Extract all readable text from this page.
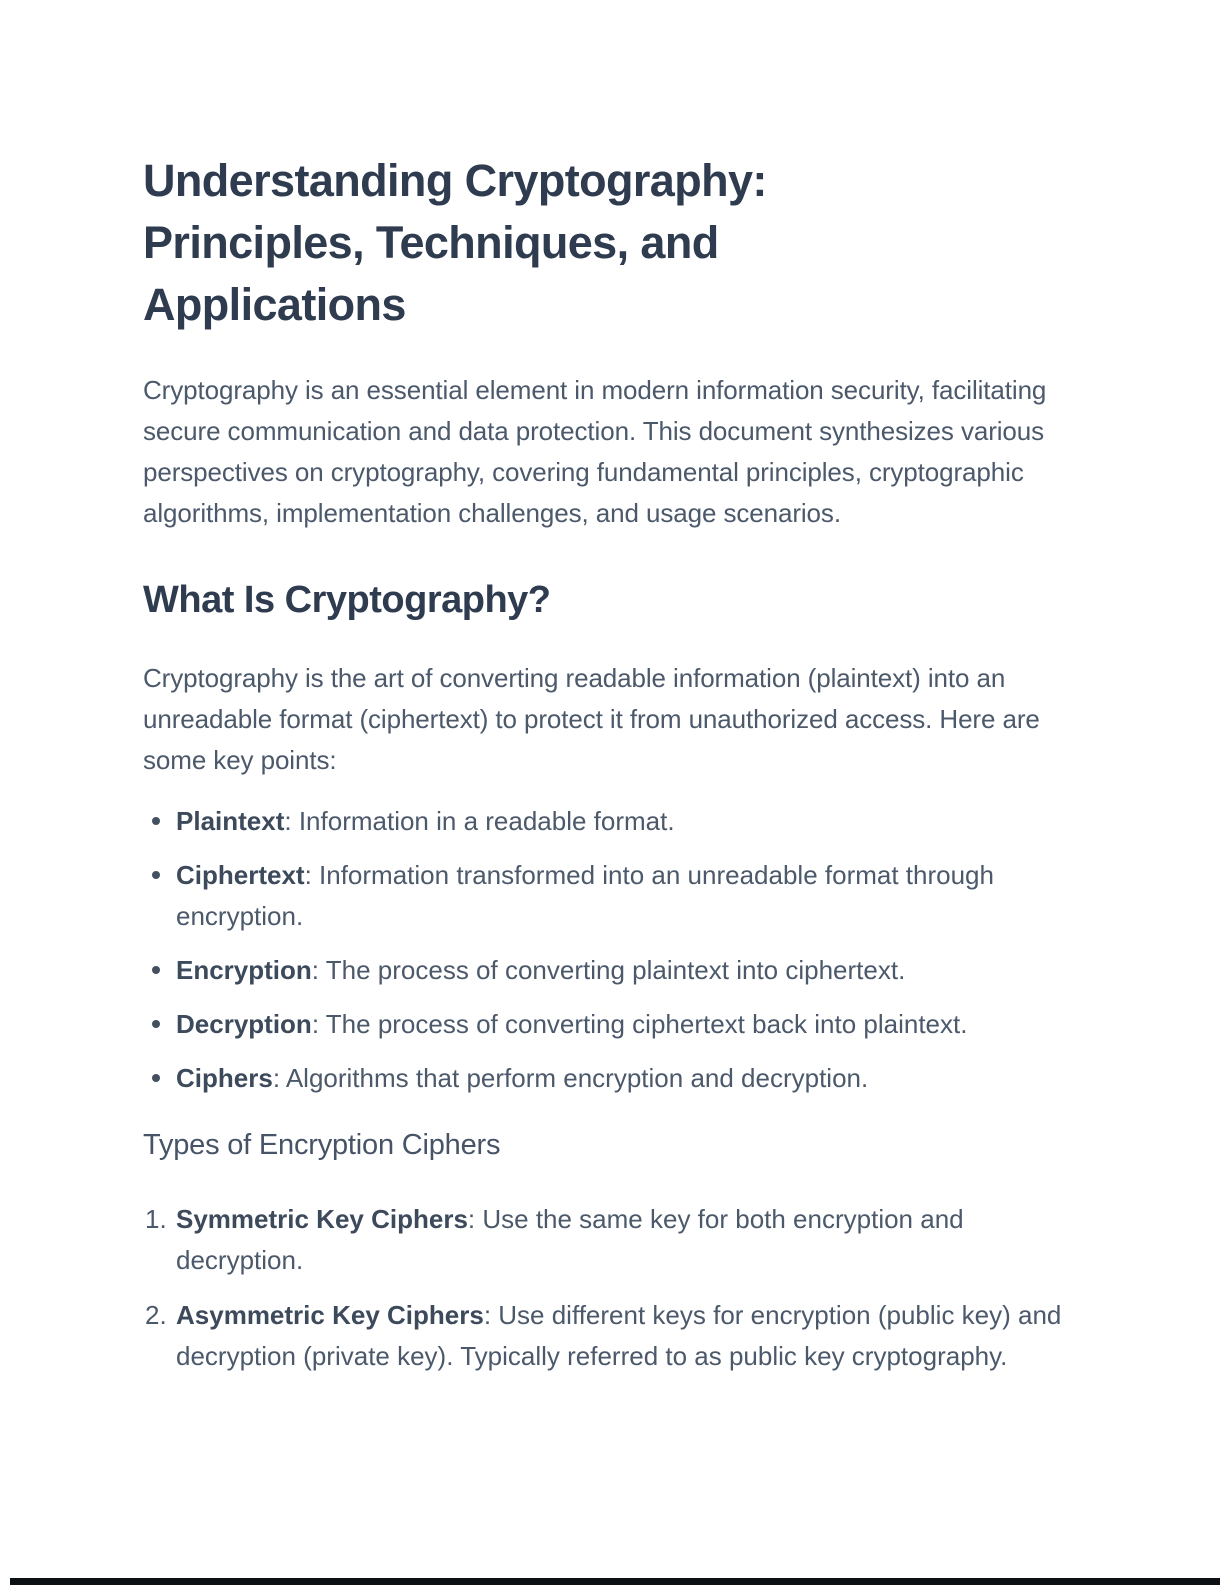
Understanding Cryptography: Principles, Techniques, and Applications

Cryptography is an essential element in modern information security, facilitating secure communication and data protection. This document synthesizes various perspectives on cryptography, covering fundamental principles, cryptographic algorithms, implementation challenges, and usage scenarios.

What Is Cryptography?

Cryptography is the art of converting readable information (plaintext) into an unreadable format (ciphertext) to protect it from unauthorized access. Here are some key points:

Plaintext: Information in a readable format.
Ciphertext: Information transformed into an unreadable format through encryption.
Encryption: The process of converting plaintext into ciphertext.
Decryption: The process of converting ciphertext back into plaintext.
Ciphers: Algorithms that perform encryption and decryption.
Types of Encryption Ciphers
1. Symmetric Key Ciphers: Use the same key for both encryption and decryption.
2. Asymmetric Key Ciphers: Use different keys for encryption (public key) and decryption (private key). Typically referred to as public key cryptography.
